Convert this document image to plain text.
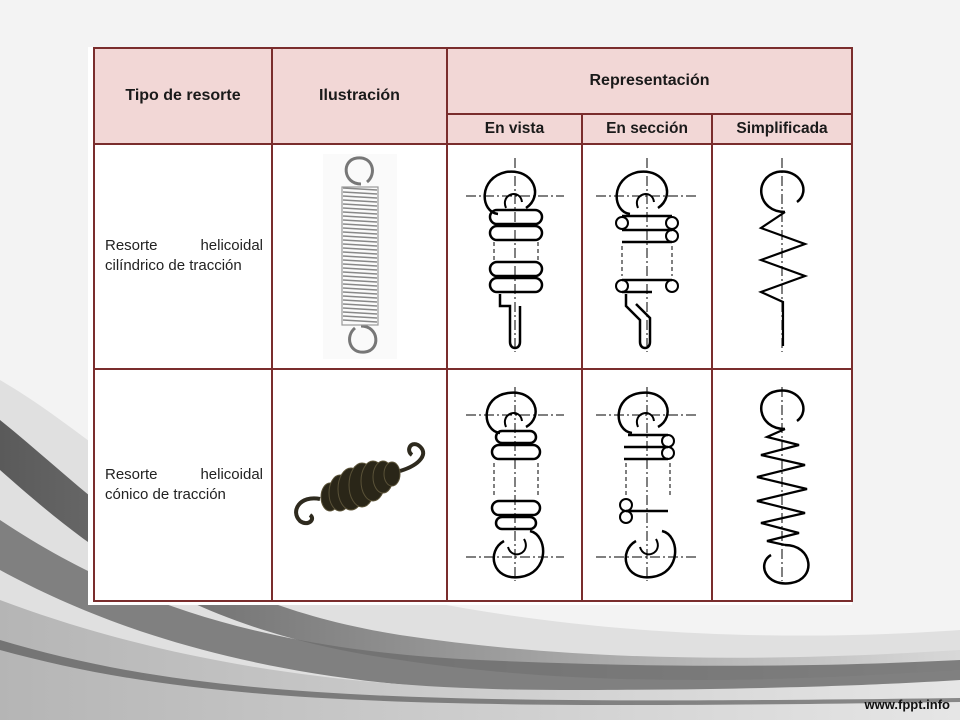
Tipo de resorte	Ilustración	Representación		
		En vista	En sección	Simplificada
Resorte helicoidal cilíndrico de tracción	

Resorte helicoidal cónico de tracción	

www.fppt.info
